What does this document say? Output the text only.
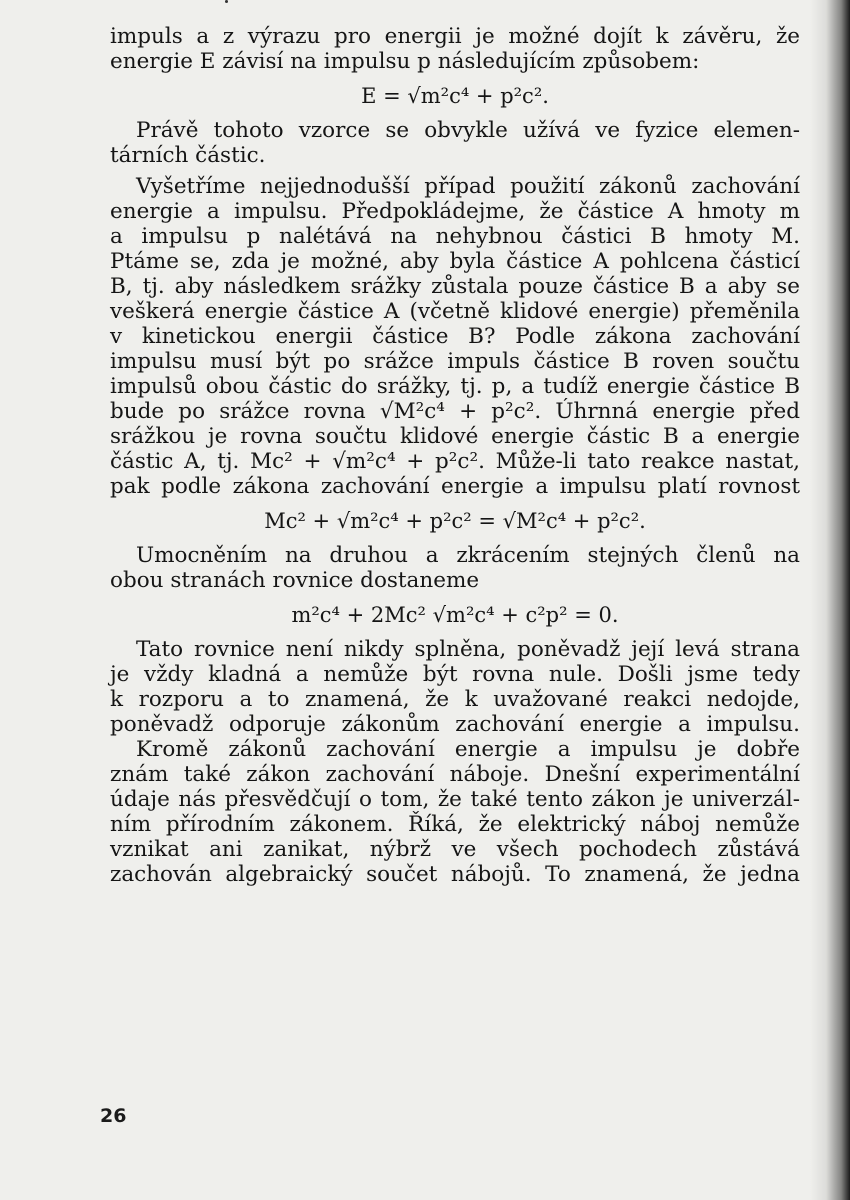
impuls a z výrazu pro energii je možné dojít k závěru, že
energie E závisí na impulsu p následujícím způsobem:
E = √m²c⁴ + p²c².
Právě tohoto vzorce se obvykle užívá ve fyzice elemen-
tárních částic.
Vyšetříme nejjednodušší případ použití zákonů zachování
energie a impulsu. Předpokládejme, že částice A hmoty m
a impulsu p nalétává na nehybnou částici B hmoty M.
Ptáme se, zda je možné, aby byla částice A pohlcena částicí
B, tj. aby následkem srážky zůstala pouze částice B a aby se
veškerá energie částice A (včetně klidové energie) přeměnila
v kinetickou energii částice B? Podle zákona zachování
impulsu musí být po srážce impuls částice B roven součtu
impulsů obou částic do srážky, tj. p, a tudíž energie částice B
bude po srážce rovna √M²c⁴ + p²c². Úhrnná energie před
srážkou je rovna součtu klidové energie částic B a energie
částic A, tj. Mc² + √m²c⁴ + p²c². Může-li tato reakce nastat,
pak podle zákona zachování energie a impulsu platí rovnost
Mc² + √m²c⁴ + p²c² = √M²c⁴ + p²c².
Umocněním na druhou a zkrácením stejných členů na
obou stranách rovnice dostaneme
m²c⁴ + 2Mc² √m²c⁴ + c²p² = 0.
Tato rovnice není nikdy splněna, poněvadž její levá strana
je vždy kladná a nemůže být rovna nule. Došli jsme tedy
k rozporu a to znamená, že k uvažované reakci nedojde,
poněvadž odporuje zákonům zachování energie a impulsu.
Kromě zákonů zachování energie a impulsu je dobře
znám také zákon zachování náboje. Dnešní experimentální
údaje nás přesvědčují o tom, že také tento zákon je univerzál-
ním přírodním zákonem. Říká, že elektrický náboj nemůže
vznikat ani zanikat, nýbrž ve všech pochodech zůstává
zachován algebraický součet nábojů. To znamená, že jedna
26
